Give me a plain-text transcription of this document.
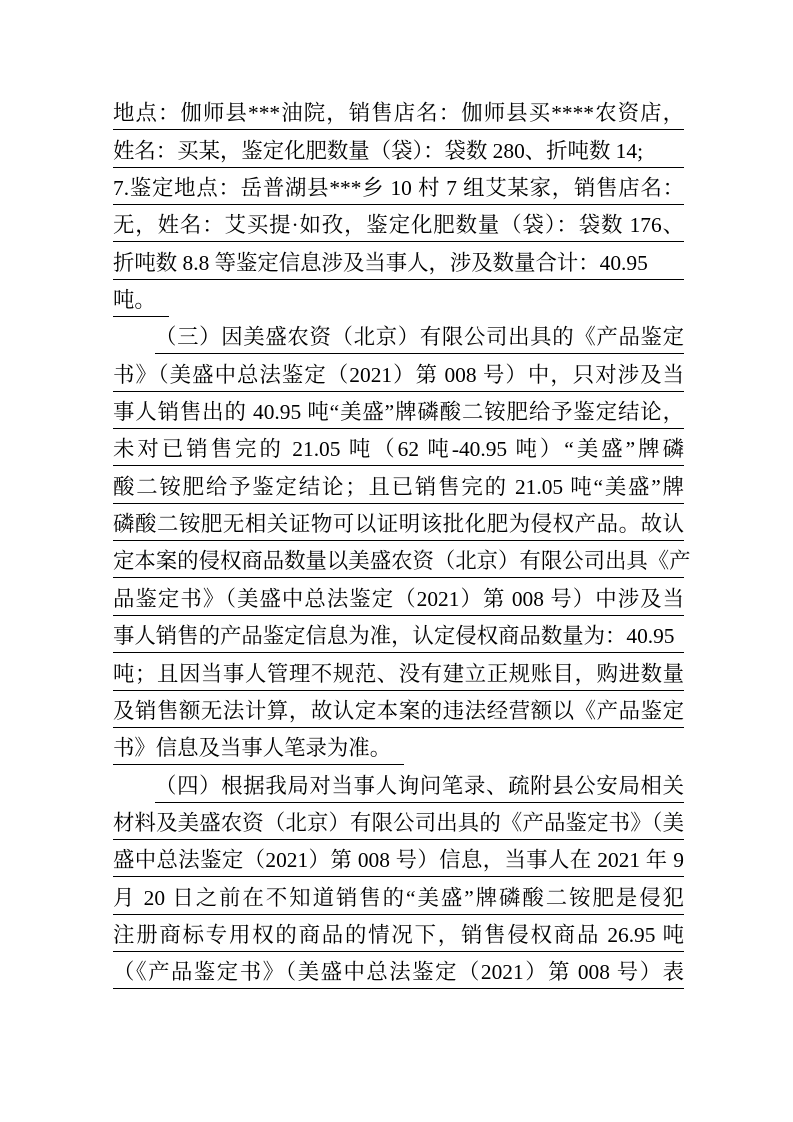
地点：伽师县***油院，销售店名：伽师县买****农资店，
姓名：买某，鉴定化肥数量（袋）：袋数 280、折吨数 14;
7.鉴定地点：岳普湖县***乡 10 村 7 组艾某家，销售店名：
无，姓名：艾买提·如孜，鉴定化肥数量（袋）：袋数 176、
折吨数 8.8 等鉴定信息涉及当事人，涉及数量合计：40.95
吨。
（三）因美盛农资（北京）有限公司出具的《产品鉴定
书》（美盛中总法鉴定（2021）第 008 号）中，只对涉及当
事人销售出的 40.95 吨“美盛”牌磷酸二铵肥给予鉴定结论，
未对已销售完的 21.05 吨（62 吨-40.95 吨）“美盛”牌磷
酸二铵肥给予鉴定结论；且已销售完的 21.05 吨“美盛”牌
磷酸二铵肥无相关证物可以证明该批化肥为侵权产品。故认
定本案的侵权商品数量以美盛农资（北京）有限公司出具《产
品鉴定书》（美盛中总法鉴定（2021）第 008 号）中涉及当
事人销售的产品鉴定信息为准，认定侵权商品数量为：40.95
吨；且因当事人管理不规范、没有建立正规账目，购进数量
及销售额无法计算，故认定本案的违法经营额以《产品鉴定
书》信息及当事人笔录为准。
（四）根据我局对当事人询问笔录、疏附县公安局相关
材料及美盛农资（北京）有限公司出具的《产品鉴定书》（美
盛中总法鉴定（2021）第 008 号）信息，当事人在 2021 年 9
月 20 日之前在不知道销售的“美盛”牌磷酸二铵肥是侵犯
注册商标专用权的商品的情况下，销售侵权商品 26.95 吨
（《产品鉴定书》（美盛中总法鉴定（2021）第 008 号）表
